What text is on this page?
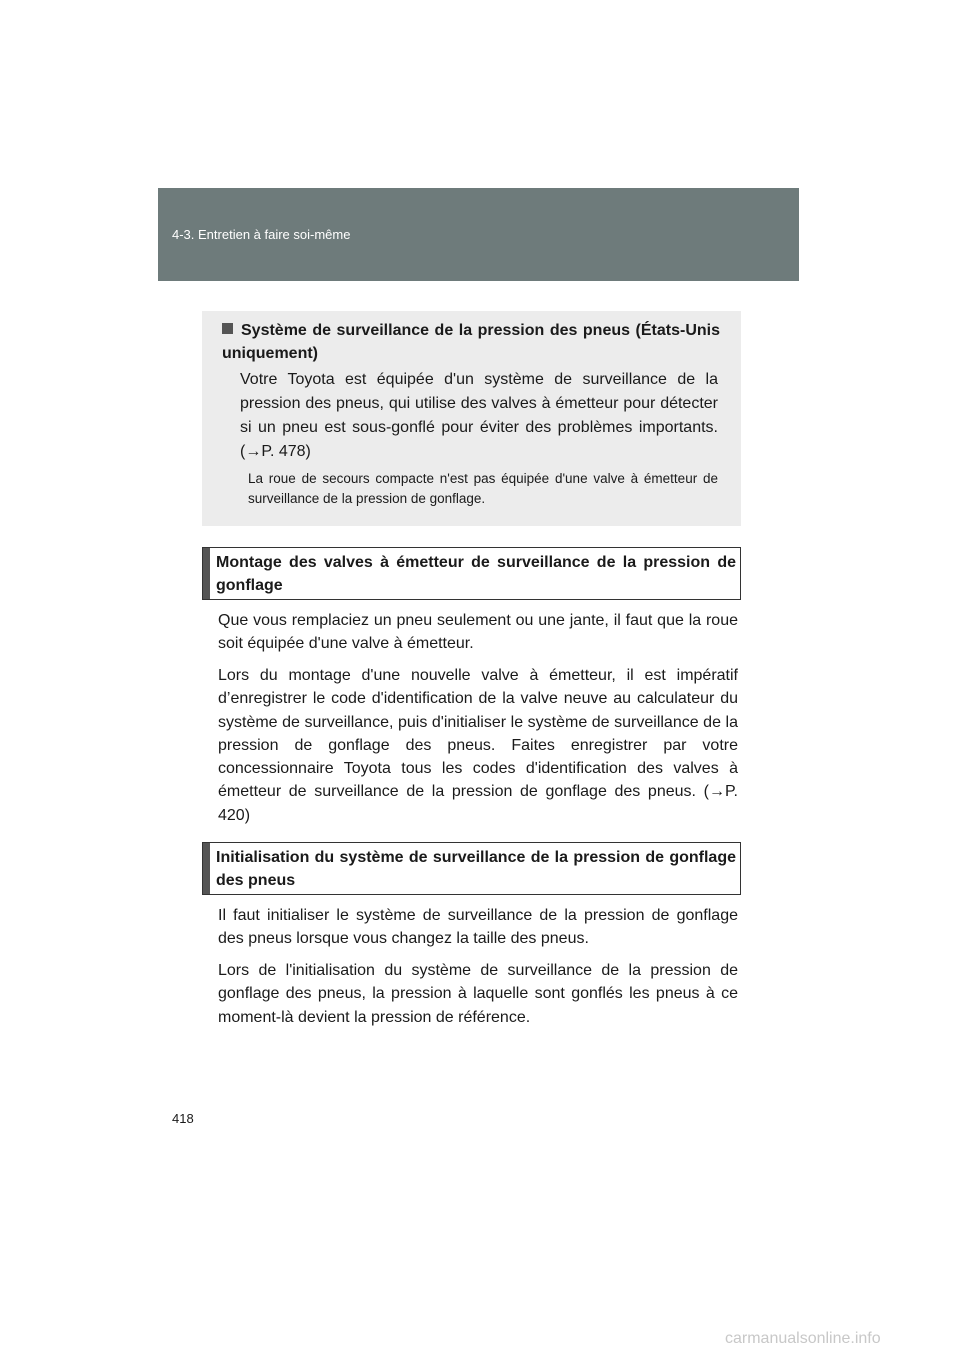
4-3. Entretien à faire soi-même
Système de surveillance de la pression des pneus (États-Unis uniquement)
Votre Toyota est équipée d'un système de surveillance de la pression des pneus, qui utilise des valves à émetteur pour détecter si un pneu est sous-gonflé pour éviter des problèmes importants. (→P. 478)
La roue de secours compacte n'est pas équipée d'une valve à émetteur de surveillance de la pression de gonflage.
Montage des valves à émetteur de surveillance de la pression de gonflage
Que vous remplaciez un pneu seulement ou une jante, il faut que la roue soit équipée d'une valve à émetteur.
Lors du montage d'une nouvelle valve à émetteur, il est impératif d’enregistrer le code d'identification de la valve neuve au calculateur du système de surveillance, puis d'initialiser le système de surveillance de la pression de gonflage des pneus. Faites enregistrer par votre concessionnaire Toyota tous les codes d'identification des valves à émetteur de surveillance de la pression de gonflage des pneus. (→P. 420)
Initialisation du système de surveillance de la pression de gonflage des pneus
Il faut initialiser le système de surveillance de la pression de gonflage des pneus lorsque vous changez la taille des pneus.
Lors de l'initialisation du système de surveillance de la pression de gonflage des pneus, la pression à laquelle sont gonflés les pneus à ce moment-là devient la pression de référence.
418
carmanualsonline.info
